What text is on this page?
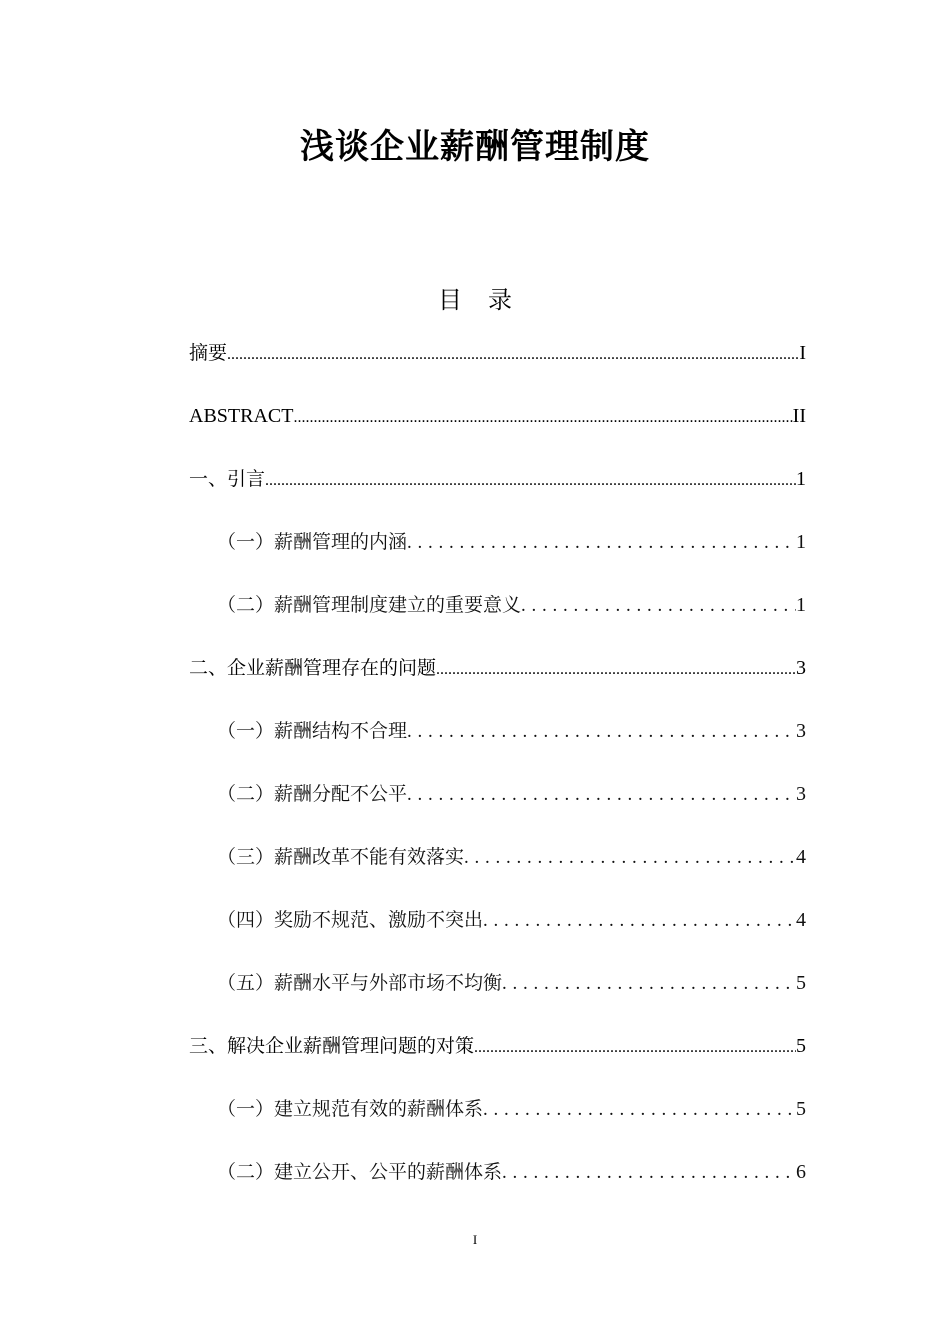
浅谈企业薪酬管理制度
目 录
摘要 .....	I
ABSTRACT .....	II
一、引言 .....	1
（一）薪酬管理的内涵 . . .	1
（二）薪酬管理制度建立的重要意义 . . .	1
二、企业薪酬管理存在的问题 .....	3
（一）薪酬结构不合理 . . .	3
（二）薪酬分配不公平 . . .	3
（三）薪酬改革不能有效落实 . . .	4
（四）奖励不规范、激励不突出 . . .	4
（五）薪酬水平与外部市场不均衡 . . .	5
三、解决企业薪酬管理问题的对策 .....	5
（一）建立规范有效的薪酬体系 . . .	5
（二）建立公开、公平的薪酬体系 . . .	6
I
